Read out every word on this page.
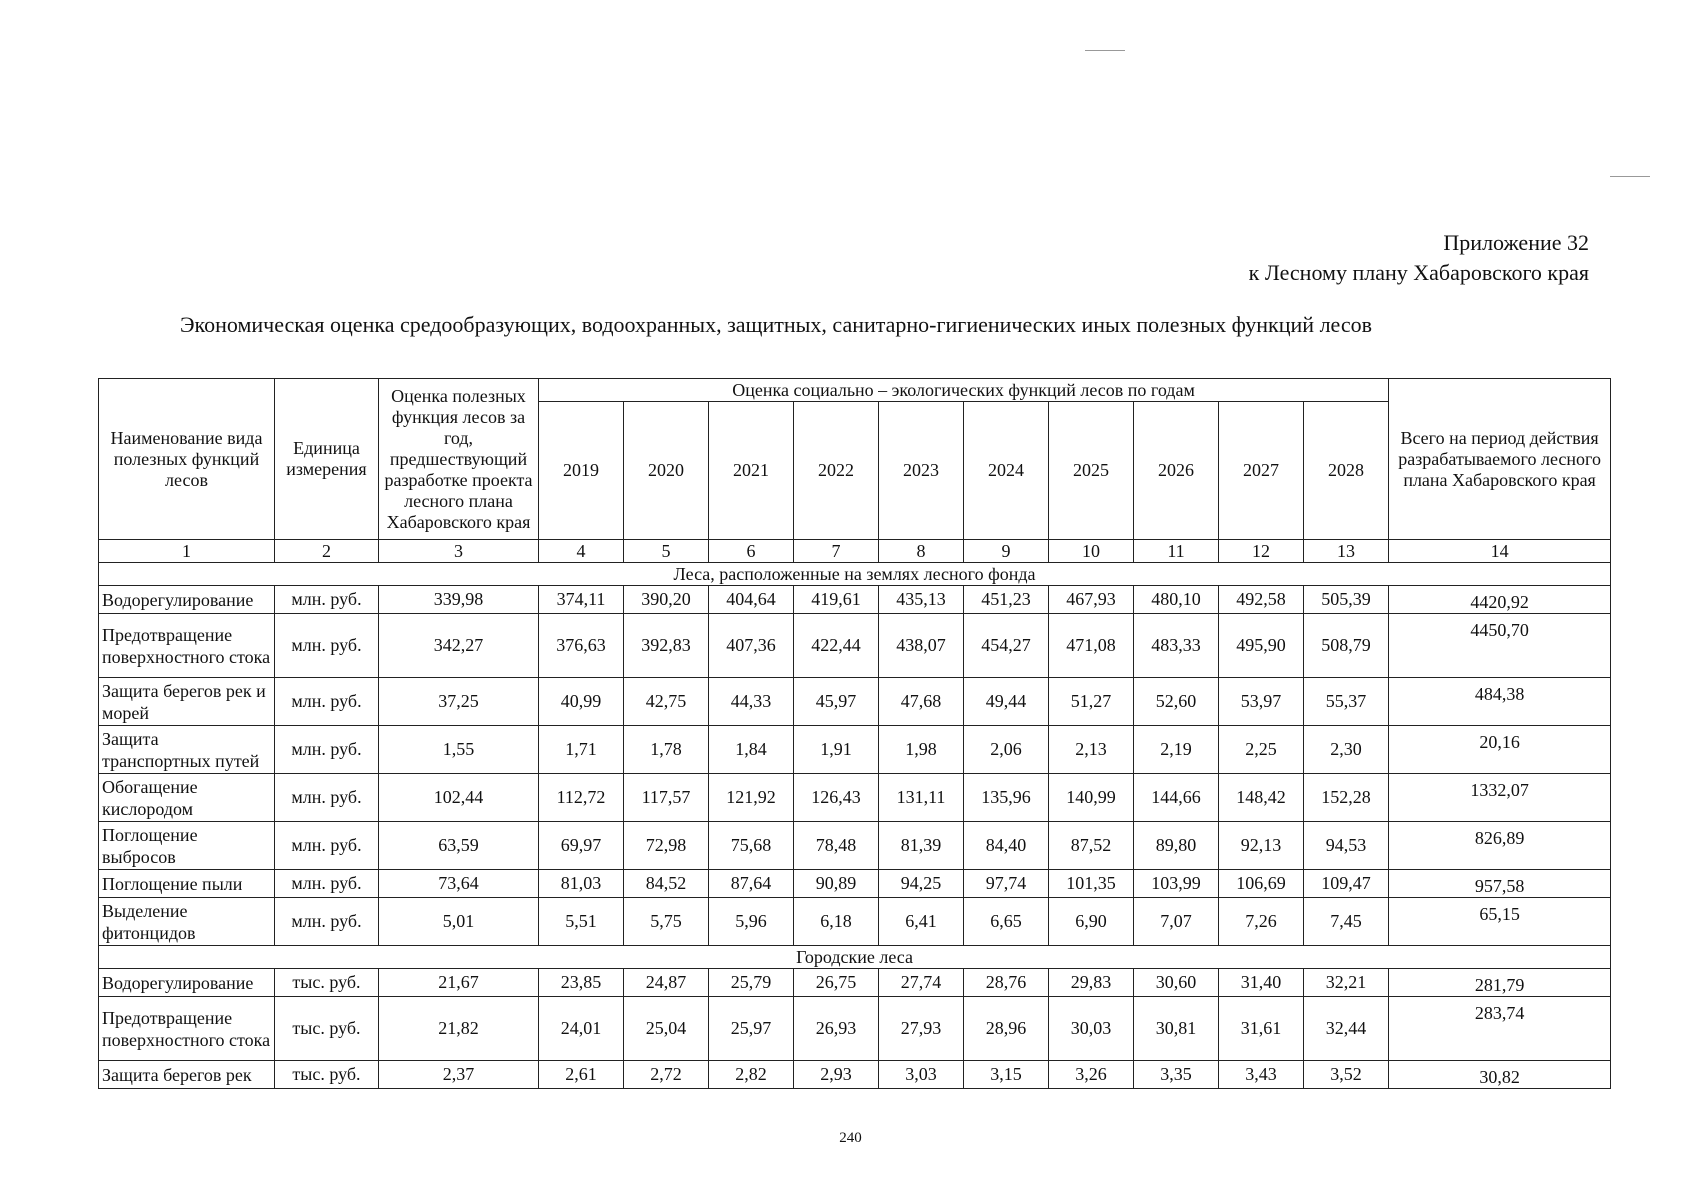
Приложение 32
к Лесному плану Хабаровского края
Экономическая оценка средообразующих, водоохранных, защитных, санитарно-гигиенических иных полезных функций лесов
Наименование вида полезных функций лесов	Единица измерения	Оценка полезных функция лесов за год, предшествующий разработке проекта лесного плана Хабаровского края	Оценка социально – экологических функций лесов по годам										Всего на период действия разрабатываемого лесного плана Хабаровского края
			2019	2020	2021	2022	2023	2024	2025	2026	2027	2028	
1	2	3	4	5	6	7	8	9	10	11	12	13	14
Леса, расположенные на землях лесного фонда													
Водорегулирование	млн. руб.	339,98	374,11	390,20	404,64	419,61	435,13	451,23	467,93	480,10	492,58	505,39	4420,92
Предотвращение поверхностного стока	млн. руб.	342,27	376,63	392,83	407,36	422,44	438,07	454,27	471,08	483,33	495,90	508,79	4450,70
Защита берегов рек и морей	млн. руб.	37,25	40,99	42,75	44,33	45,97	47,68	49,44	51,27	52,60	53,97	55,37	484,38
Защита транспортных путей	млн. руб.	1,55	1,71	1,78	1,84	1,91	1,98	2,06	2,13	2,19	2,25	2,30	20,16
Обогащение кислородом	млн. руб.	102,44	112,72	117,57	121,92	126,43	131,11	135,96	140,99	144,66	148,42	152,28	1332,07
Поглощение выбросов	млн. руб.	63,59	69,97	72,98	75,68	78,48	81,39	84,40	87,52	89,80	92,13	94,53	826,89
Поглощение пыли	млн. руб.	73,64	81,03	84,52	87,64	90,89	94,25	97,74	101,35	103,99	106,69	109,47	957,58
Выделение фитонцидов	млн. руб.	5,01	5,51	5,75	5,96	6,18	6,41	6,65	6,90	7,07	7,26	7,45	65,15
Городские леса													
Водорегулирование	тыс. руб.	21,67	23,85	24,87	25,79	26,75	27,74	28,76	29,83	30,60	31,40	32,21	281,79
Предотвращение поверхностного стока	тыс. руб.	21,82	24,01	25,04	25,97	26,93	27,93	28,96	30,03	30,81	31,61	32,44	283,74
Защита берегов рек	тыс. руб.	2,37	2,61	2,72	2,82	2,93	3,03	3,15	3,26	3,35	3,43	3,52	30,82
240
